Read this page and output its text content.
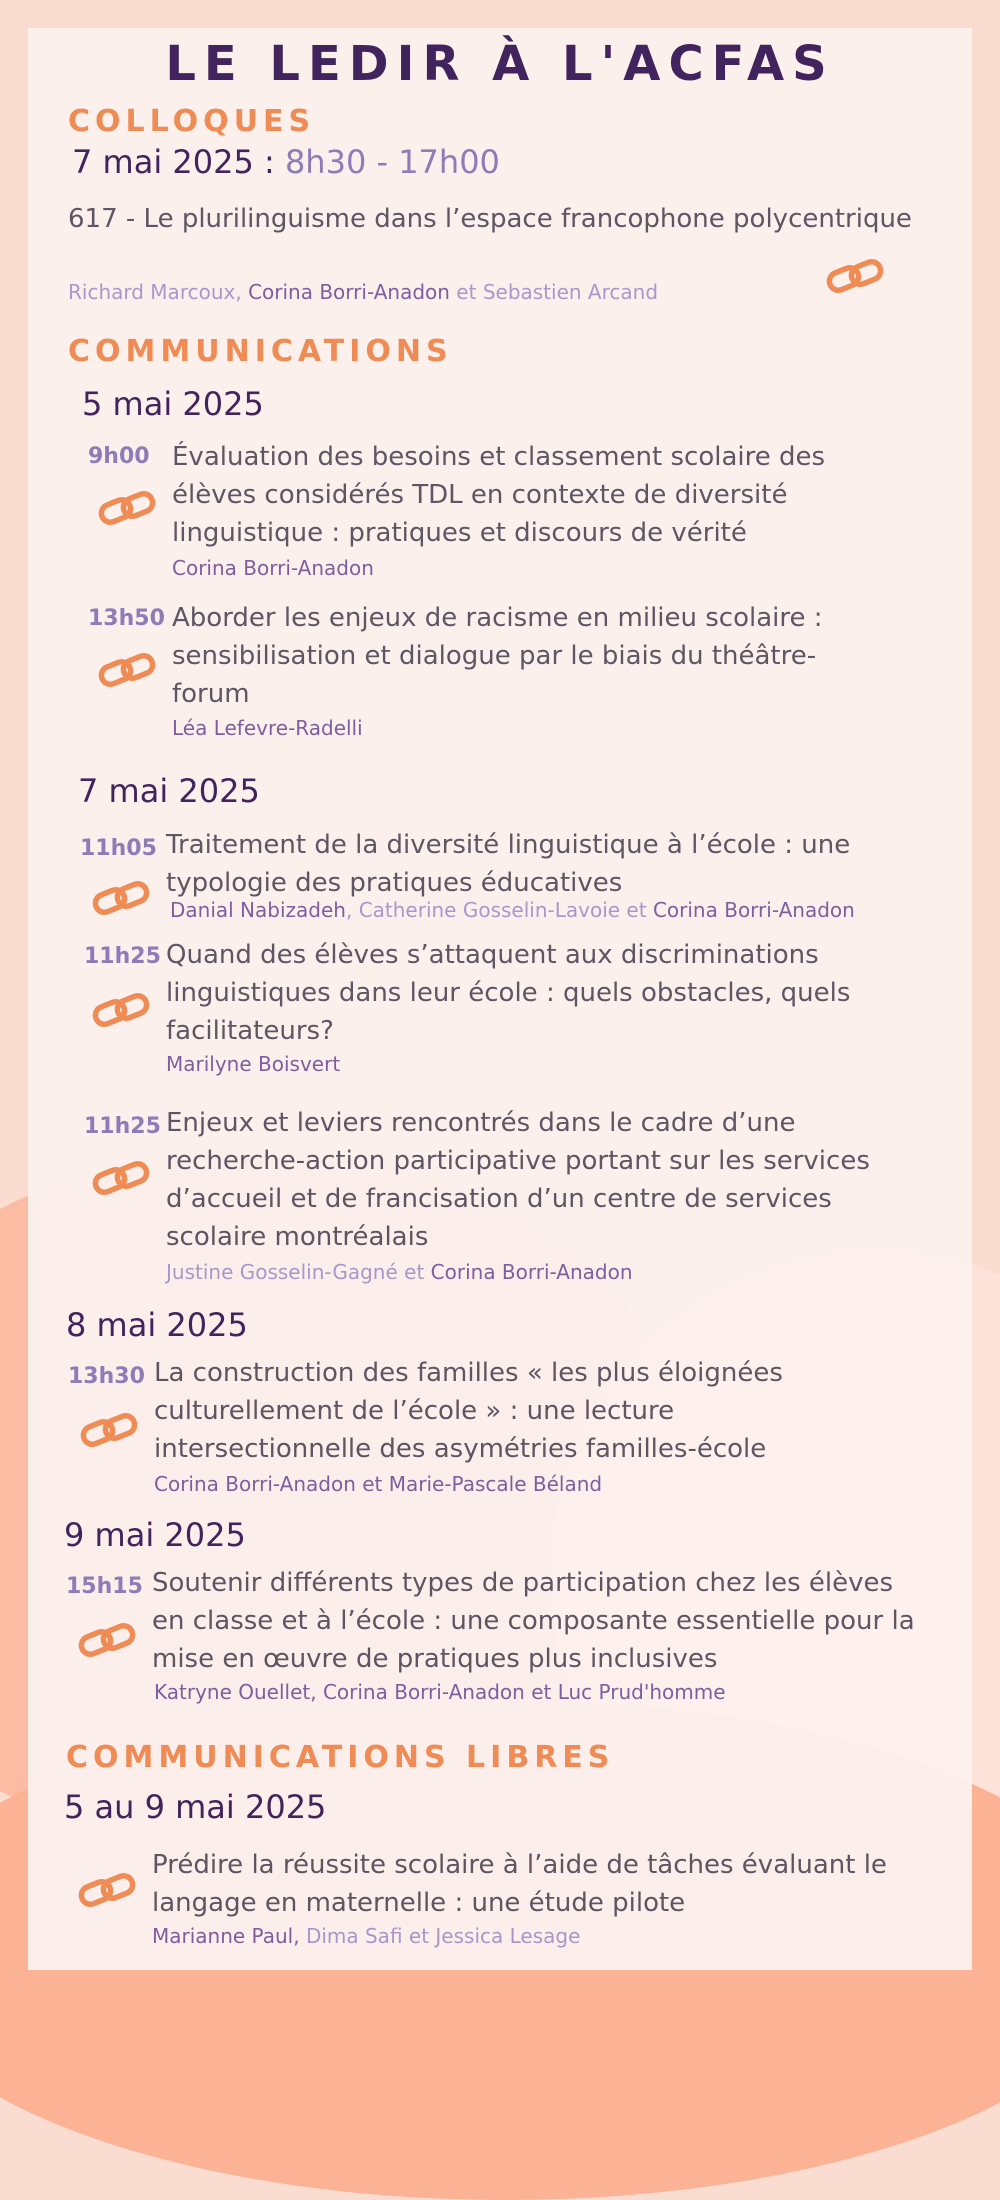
LE LEDIR À L'ACFAS
COLLOQUES
7 mai 2025 : 8h30 - 17h00
617 - Le plurilinguisme dans l’espace francophone polycentrique
Richard Marcoux, Corina Borri-Anadon et Sebastien Arcand
COMMUNICATIONS
5 mai 2025
9h00 Évaluation des besoins et classement scolaire des élèves considérés TDL en contexte de diversité linguistique : pratiques et discours de vérité
Corina Borri-Anadon
13h50 Aborder les enjeux de racisme en milieu scolaire : sensibilisation et dialogue par le biais du théâtre-forum
Léa Lefevre-Radelli
7 mai 2025
11h05 Traitement de la diversité linguistique à l’école : une typologie des pratiques éducatives
Danial Nabizadeh, Catherine Gosselin-Lavoie et Corina Borri-Anadon
11h25 Quand des élèves s’attaquent aux discriminations linguistiques dans leur école : quels obstacles, quels facilitateurs?
Marilyne Boisvert
11h25 Enjeux et leviers rencontrés dans le cadre d’une recherche-action participative portant sur les services d’accueil et de francisation d’un centre de services scolaire montréalais
Justine Gosselin-Gagné et Corina Borri-Anadon
8 mai 2025
13h30 La construction des familles « les plus éloignées culturellement de l’école » : une lecture intersectionnelle des asymétries familles-école
Corina Borri-Anadon et Marie-Pascale Béland
9 mai 2025
15h15 Soutenir différents types de participation chez les élèves en classe et à l’école : une composante essentielle pour la mise en œuvre de pratiques plus inclusives
Katryne Ouellet, Corina Borri-Anadon et Luc Prud'homme
COMMUNICATIONS LIBRES
5 au 9 mai 2025
Prédire la réussite scolaire à l’aide de tâches évaluant le langage en maternelle : une étude pilote
Marianne Paul, Dima Safi et Jessica Lesage
